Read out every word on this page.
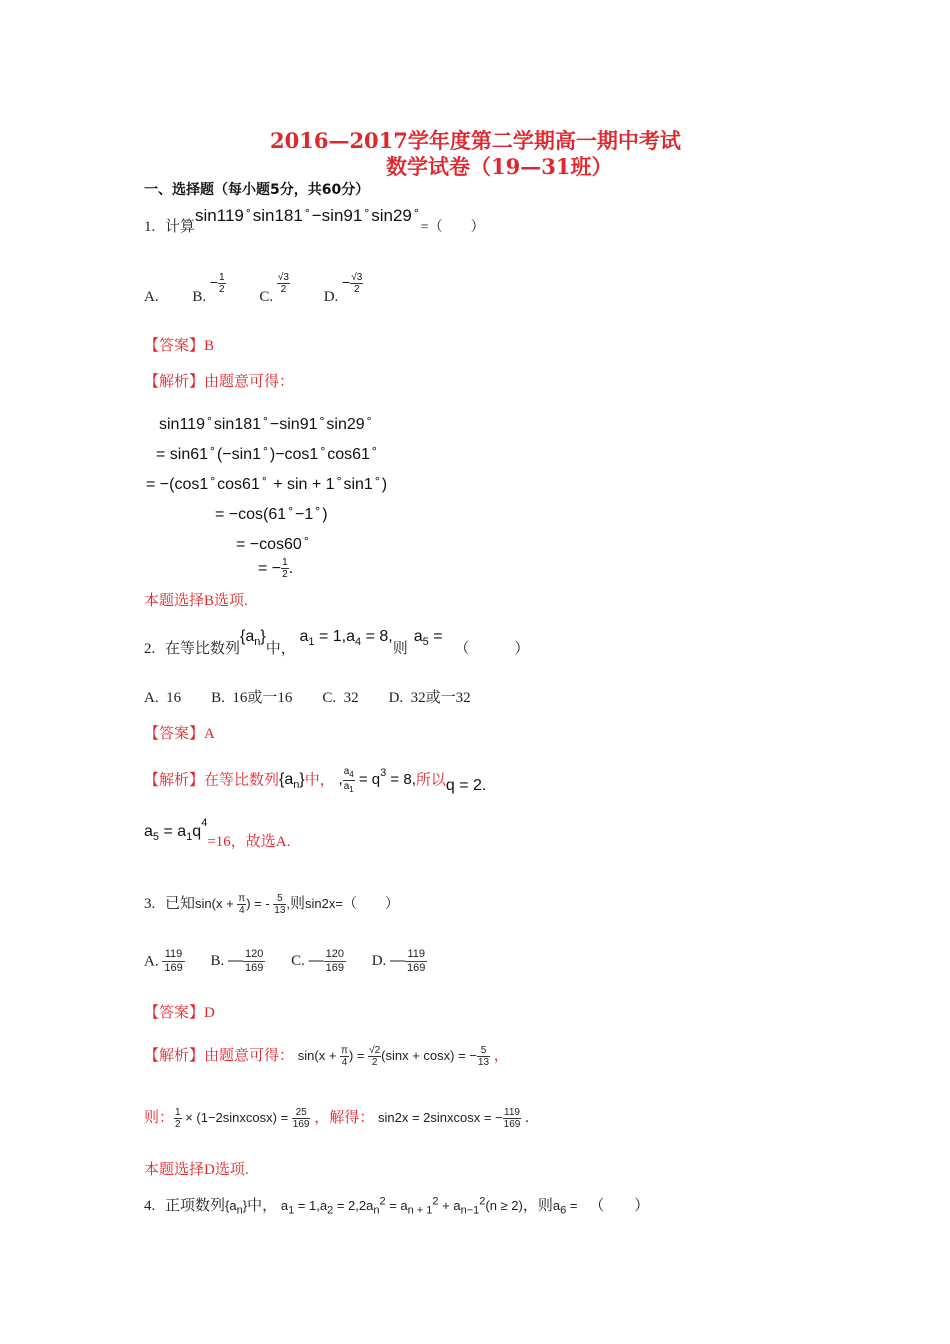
2016—2017学年度第二学期高一期中考试
数学试卷（19—31班）
一、选择题（每小题5分，共60分）
1. 计算sin119∘sin181∘−sin91∘sin29∘=（　　）
A. B. − $\frac{1}{2}$
C.
$\frac{√3}{2}$
D. − $\frac{√3}{2}$
【答案】B
【解析】由题意可得：
sin119∘sin181∘−sin91∘sin29∘
= sin61∘(−sin1∘)−cos1∘cos61∘
= −(cos1∘cos61∘ + sin + 1∘sin1∘)
= −cos(61∘−1∘)
= −cos60∘
= − $\frac{1}{2}$ .
本题选择B选项.
2. 在等比数列$\{a_n\}$中， $a_1 = 1,a_4 = 8$,则$a_5$ = （　　　）
A.  16　　B.  16或一16　　C.  32　　D.  32或一32
【答案】A
【解析】在等比数列$\{a_n\}$中， , $\frac{a_4}{a_1} = q^3 = 8$,所以q = 2.
$a_5 = a_1q^4=16$，故选A.
3. 已知$\sin(x + \frac{\pi}{4}$ ) = - $\frac{5}{13}$ ,则sin2x=（　　）
A. $\frac{119}{169} B$. — $\frac{120}{169} C$. — $\frac{120}{169} D$. — $\frac{119}{169}$
【答案】D
【解析】由题意可得： $\sin(x + \frac{\pi}{4}$ ) = $\frac{√2}{2} (\sin x + \cos x)$ = − $\frac{5}{13}$ ，
则： $\frac{1}{2}$ × (1−2sinxcosx) = $\frac{25}{169}$ ，解得： sin2x = 2sinxcosx = − $\frac{119}{169}$ .
本题选择D选项.
4. 正项数列$\{a_n\}$中， $a_1 = 1,a_2 = 2,2a_n^2 = a_{n + 1}^2 + a_{n-1}^2(n \ge 2)$，则$a_6$ = （　　）
